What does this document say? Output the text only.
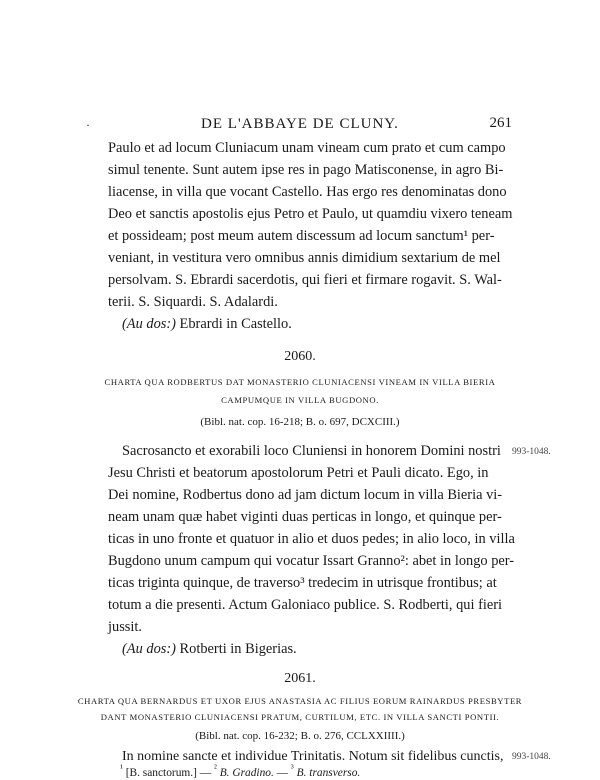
·	DE L'ABBAYE DE CLUNY.	261
Paulo et ad locum Cluniacum unam vineam cum prato et cum campo
simul tenente. Sunt autem ipse res in pago Matisconense, in agro Bi-
liacense, in villa que vocant Castello. Has ergo res denominatas dono
Deo et sanctis apostolis ejus Petro et Paulo, ut quamdiu vixero teneam
et possideam; post meum autem discessum ad locum sanctum¹ per-
veniant, in vestitura vero omnibus annis dimidium sextarium de mel
persolvam. S. Ebrardi sacerdotis, qui fieri et firmare rogavit. S. Wal-
terii. S. Siquardi. S. Adalardi.
(Au dos:) Ebrardi in Castello.
2060.
CHARTA QUA RODBERTUS DAT MONASTERIO CLUNIACENSI VINEAM IN VILLA BIERIA
CAMPUMQUE IN VILLA BUGDONO.
(Bibl. nat. cop. 16-218; B. o. 697, DCXCIII.)
Sacrosancto et exorabili loco Cluniensi in honorem Domini nostri 993-1048.
Jesu Christi et beatorum apostolorum Petri et Pauli dicato. Ego, in
Dei nomine, Rodbertus dono ad jam dictum locum in villa Bieria vi-
neam unam quæ habet viginti duas perticas in longo, et quinque per-
ticas in uno fronte et quatuor in alio et duos pedes; in alio loco, in villa
Bugdono unum campum qui vocatur Issart Granno²: abet in longo per-
ticas triginta quinque, de traverso³ tredecim in utrisque frontibus; at
totum a die presenti. Actum Galoniaco publice. S. Rodberti, qui fieri
jussit.
(Au dos:) Rotberti in Bigerias.
2061.
CHARTA QUA BERNARDUS ET UXOR EJUS ANASTASIA AC FILIUS EORUM RAINARDUS PRESBYTER
DANT MONASTERIO CLUNIACENSI PRATUM, CURTILUM, ETC. IN VILLA SANCTI PONTII.
(Bibl. nat. cop. 16-232; B. o. 276, CCLXXIIII.)
In nomine sancte et individue Trinitatis. Notum sit fidelibus cunctis, 993-1048.
$^{^1}$ [B. sanctorum.] — $^{^2}$ B. Gradino. — $^{^3}$ B. transverso.
